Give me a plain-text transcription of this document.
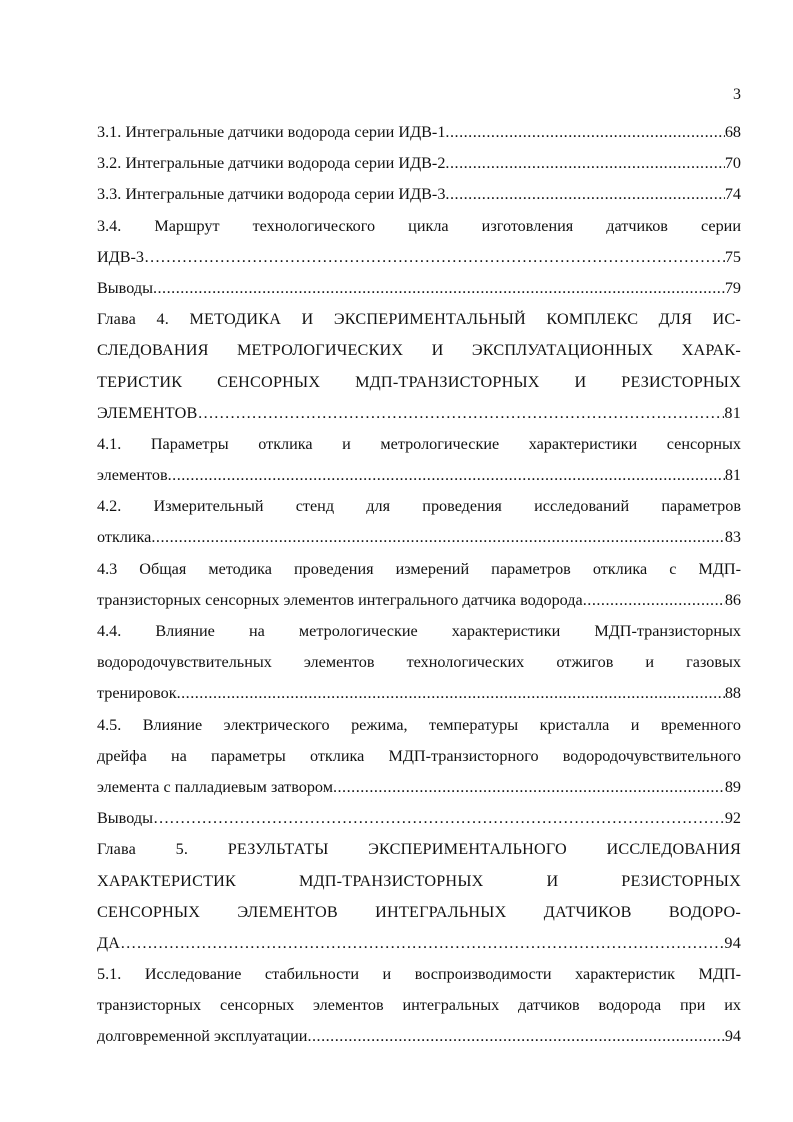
3
3.1. Интегральные датчики водорода серии ИДВ-1 .....	68
3.2. Интегральные датчики водорода серии ИДВ-2 .....	70
3.3. Интегральные датчики водорода серии ИДВ-3 .....	74
3.4. Маршрут технологического цикла изготовления датчиков серии
ИДВ-3 …………………………………………………………………………………………………………………………………………………	75
Выводы .....	79
Глава 4. МЕТОДИКА И ЭКСПЕРИМЕНТАЛЬНЫЙ КОМПЛЕКС ДЛЯ ИС-
СЛЕДОВАНИЯ МЕТРОЛОГИЧЕСКИХ И ЭКСПЛУАТАЦИОННЫХ ХАРАК-
ТЕРИСТИК СЕНСОРНЫХ МДП-ТРАНЗИСТОРНЫХ И РЕЗИСТОРНЫХ
ЭЛЕМЕНТОВ …………………………………………………………………………………………………………………………………………………	81
4.1. Параметры отклика и метрологические характеристики сенсорных
элементов .....	81
4.2. Измерительный стенд для проведения исследований параметров
отклика .....	83
4.3 Общая методика проведения измерений параметров отклика с МДП-
транзисторных сенсорных элементов интегрального датчика водорода .....	86
4.4. Влияние на метрологические характеристики МДП-транзисторных
водородочувствительных элементов технологических отжигов и газовых
тренировок .....	88
4.5. Влияние электрического режима, температуры кристалла и временного
дрейфа на параметры отклика МДП-транзисторного водородочувствительного
элемента с палладиевым затвором .....	89
Выводы …………………………………………………………………………………………………………………………………………………	92
Глава 5. РЕЗУЛЬТАТЫ ЭКСПЕРИМЕНТАЛЬНОГО ИССЛЕДОВАНИЯ
ХАРАКТЕРИСТИК МДП-ТРАНЗИСТОРНЫХ И РЕЗИСТОРНЫХ
СЕНСОРНЫХ ЭЛЕМЕНТОВ ИНТЕГРАЛЬНЫХ ДАТЧИКОВ ВОДОРО-
ДА …………………………………………………………………………………………………………………………………………………	94
5.1. Исследование стабильности и воспроизводимости характеристик МДП-
транзисторных сенсорных элементов интегральных датчиков водорода при их
долговременной эксплуатации .....	94
